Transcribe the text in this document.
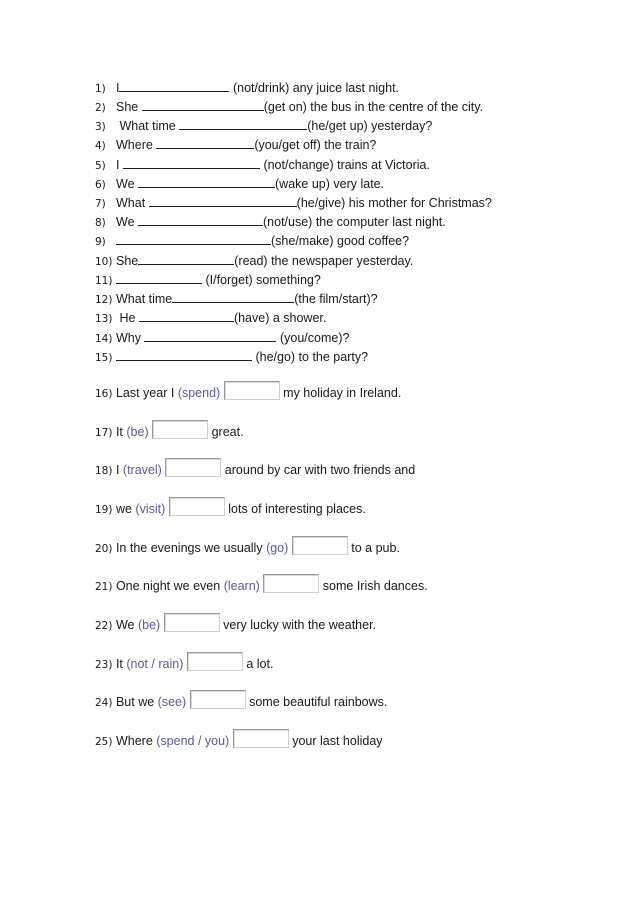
1) I	(not/drink) any juice last night.
2) She	(get on) the bus in the centre of the city.
3) What time	(he/get up) yesterday?
4) Where	(you/get off) the train?
5) I	(not/change) trains at Victoria.
6) We	(wake up) very late.
7) What	(he/give) his mother for Christmas?
8) We	(not/use) the computer last night.
9)	(she/make) good coffee?
10) She	(read) the newspaper yesterday.
11)	(I/forget) something?
12) What time	(the film/start)?
13) He	(have) a shower.
14) Why	(you/come)?
15)	(he/go) to the party?
16) Last year I (spend)	my holiday in Ireland.
17) It (be)	great.
18) I (travel)	around by car with two friends and
19) we (visit)	lots of interesting places.
20) In the evenings we usually (go)	to a pub.
21) One night we even (learn)	some Irish dances.
22) We (be)	very lucky with the weather.
23) It (not / rain)	a lot.
24) But we (see)	some beautiful rainbows.
25) Where (spend / you)	your last holiday
